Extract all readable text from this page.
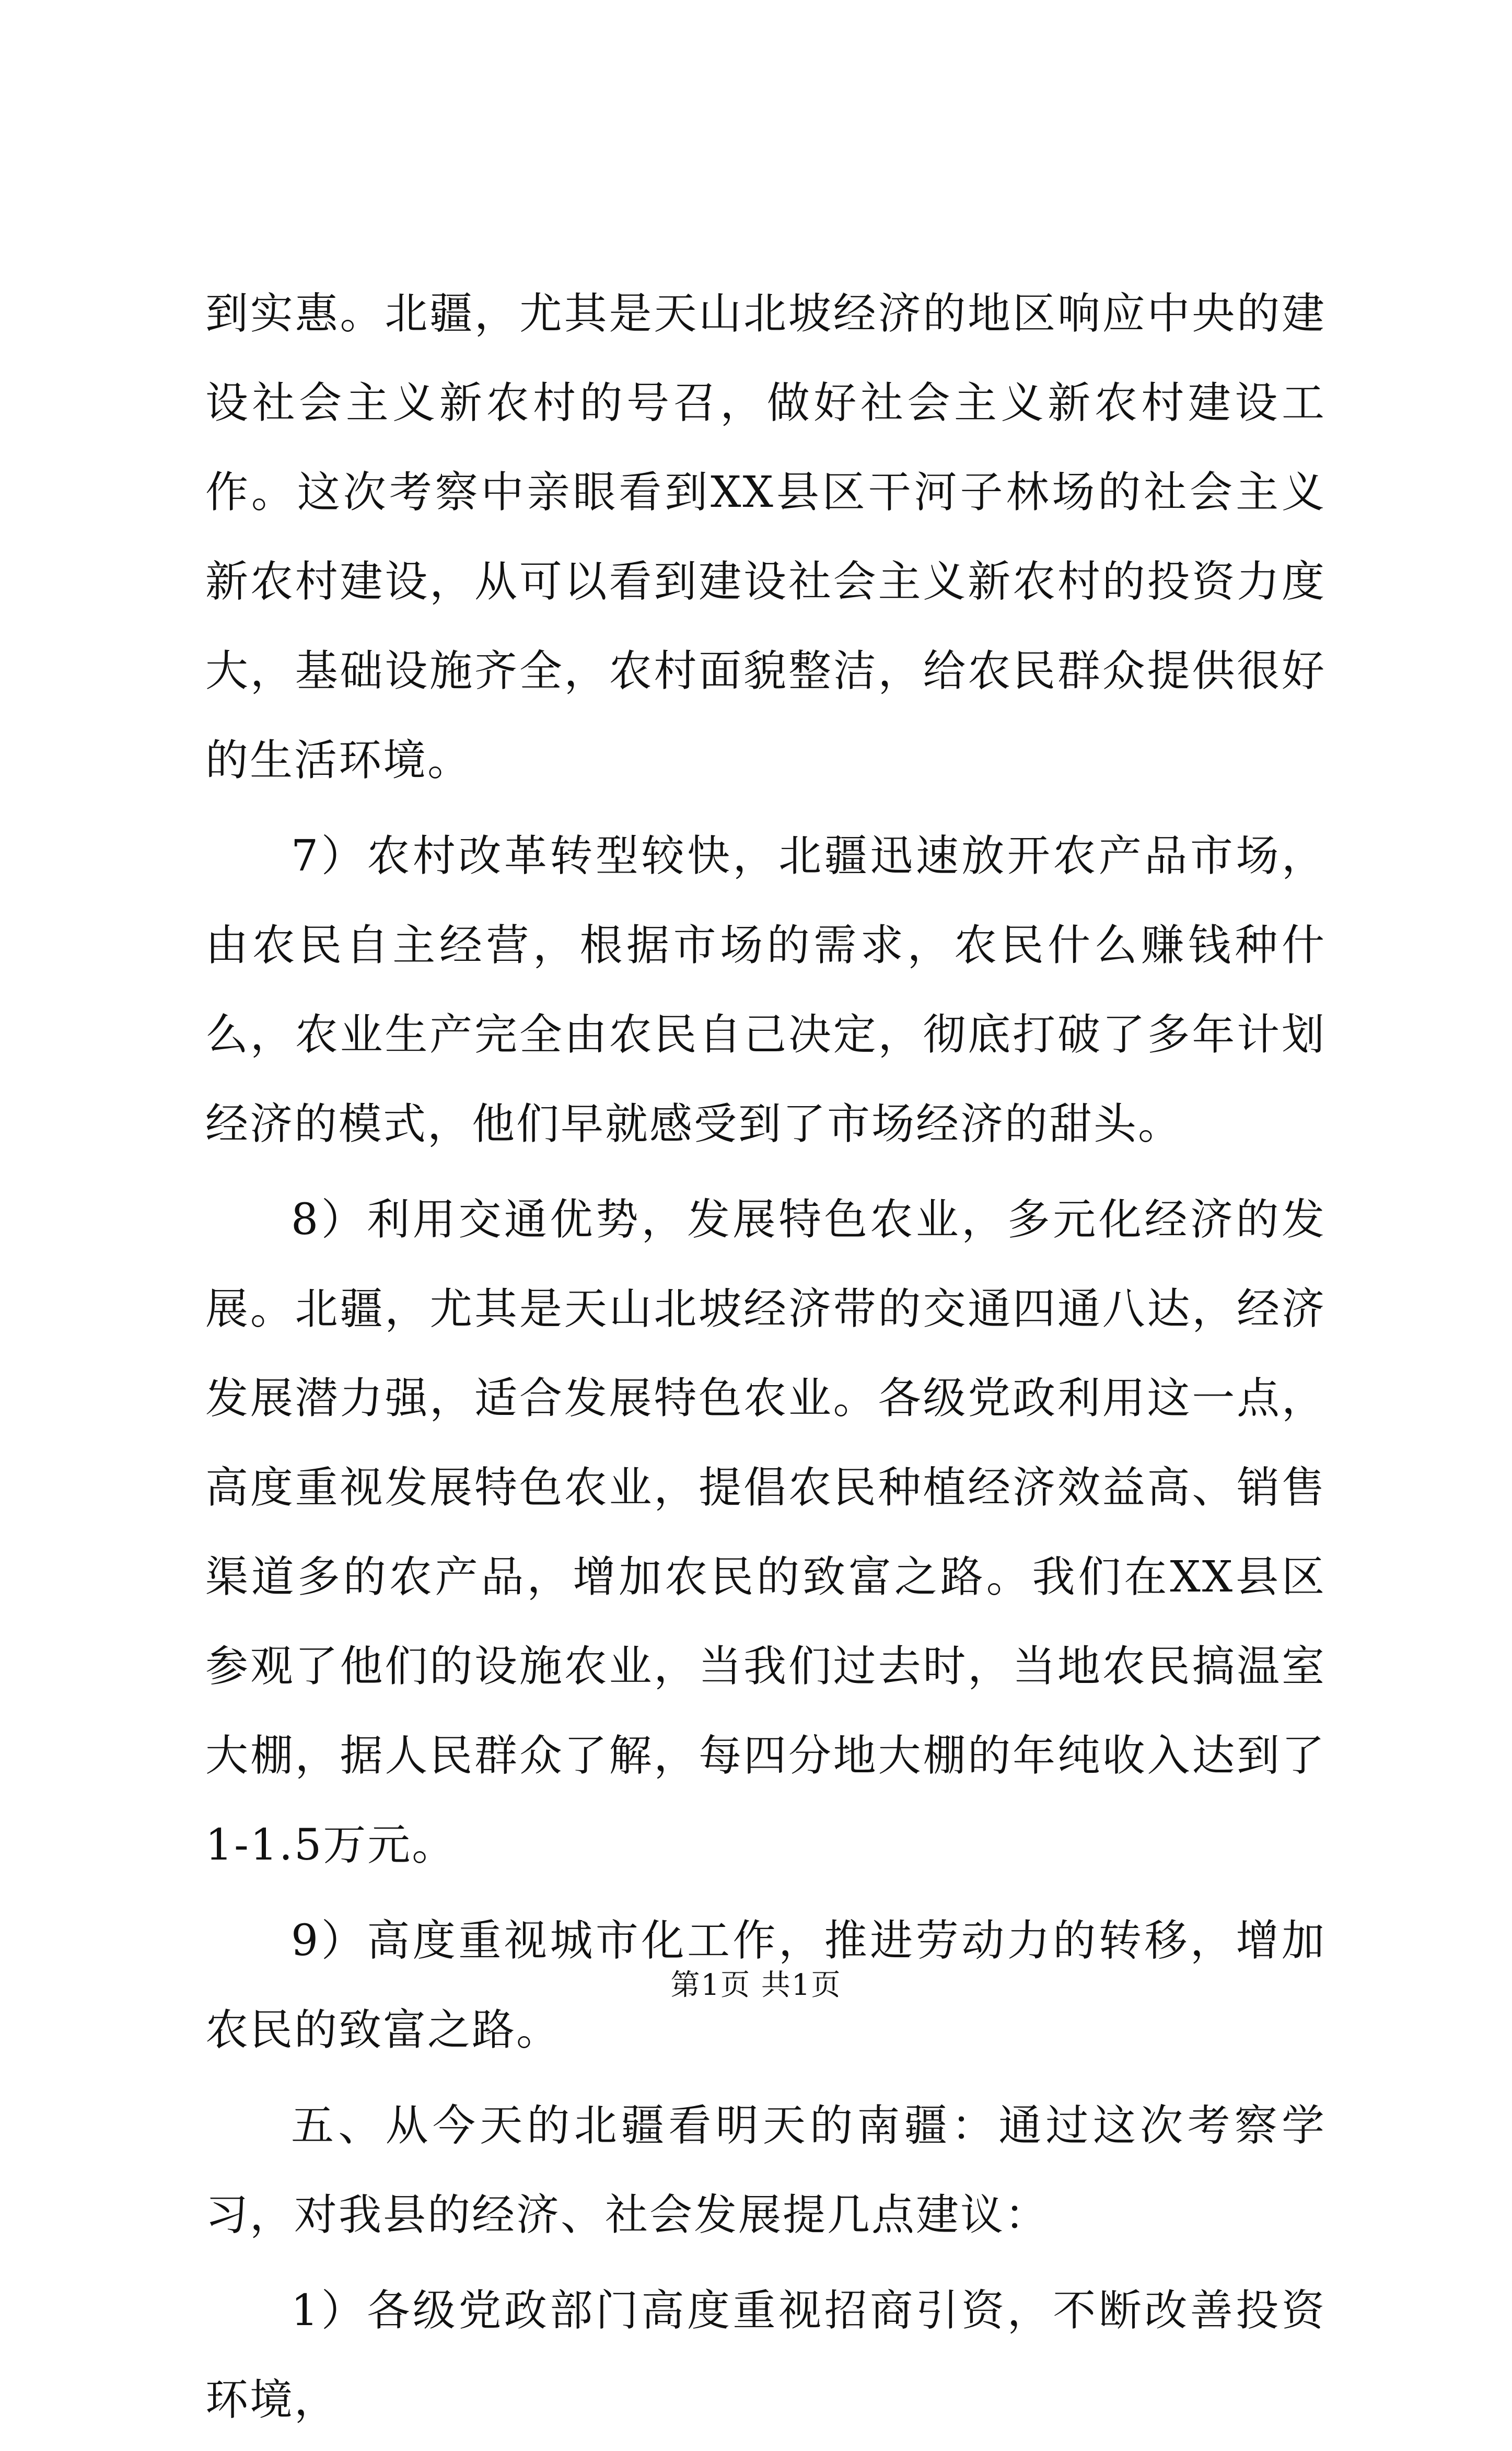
到实惠。北疆，尤其是天山北坡经济的地区响应中央的建设社会主义新农村的号召，做好社会主义新农村建设工作。这次考察中亲眼看到XX县区干河子林场的社会主义新农村建设，从可以看到建设社会主义新农村的投资力度大，基础设施齐全，农村面貌整洁，给农民群众提供很好的生活环境。

7）农村改革转型较快，北疆迅速放开农产品市场，由农民自主经营，根据市场的需求，农民什么赚钱种什么，农业生产完全由农民自己决定，彻底打破了多年计划经济的模式，他们早就感受到了市场经济的甜头。

8）利用交通优势，发展特色农业，多元化经济的发展。北疆，尤其是天山北坡经济带的交通四通八达，经济发展潜力强，适合发展特色农业。各级党政利用这一点，高度重视发展特色农业，提倡农民种植经济效益高、销售渠道多的农产品，增加农民的致富之路。我们在XX县区参观了他们的设施农业，当我们过去时，当地农民搞温室大棚，据人民群众了解，每四分地大棚的年纯收入达到了1-1.5万元。

9）高度重视城市化工作，推进劳动力的转移，增加农民的致富之路。

五、从今天的北疆看明天的南疆：通过这次考察学习，对我县的经济、社会发展提几点建议：

1）各级党政部门高度重视招商引资，不断改善投资环境，

第1页 共1页
